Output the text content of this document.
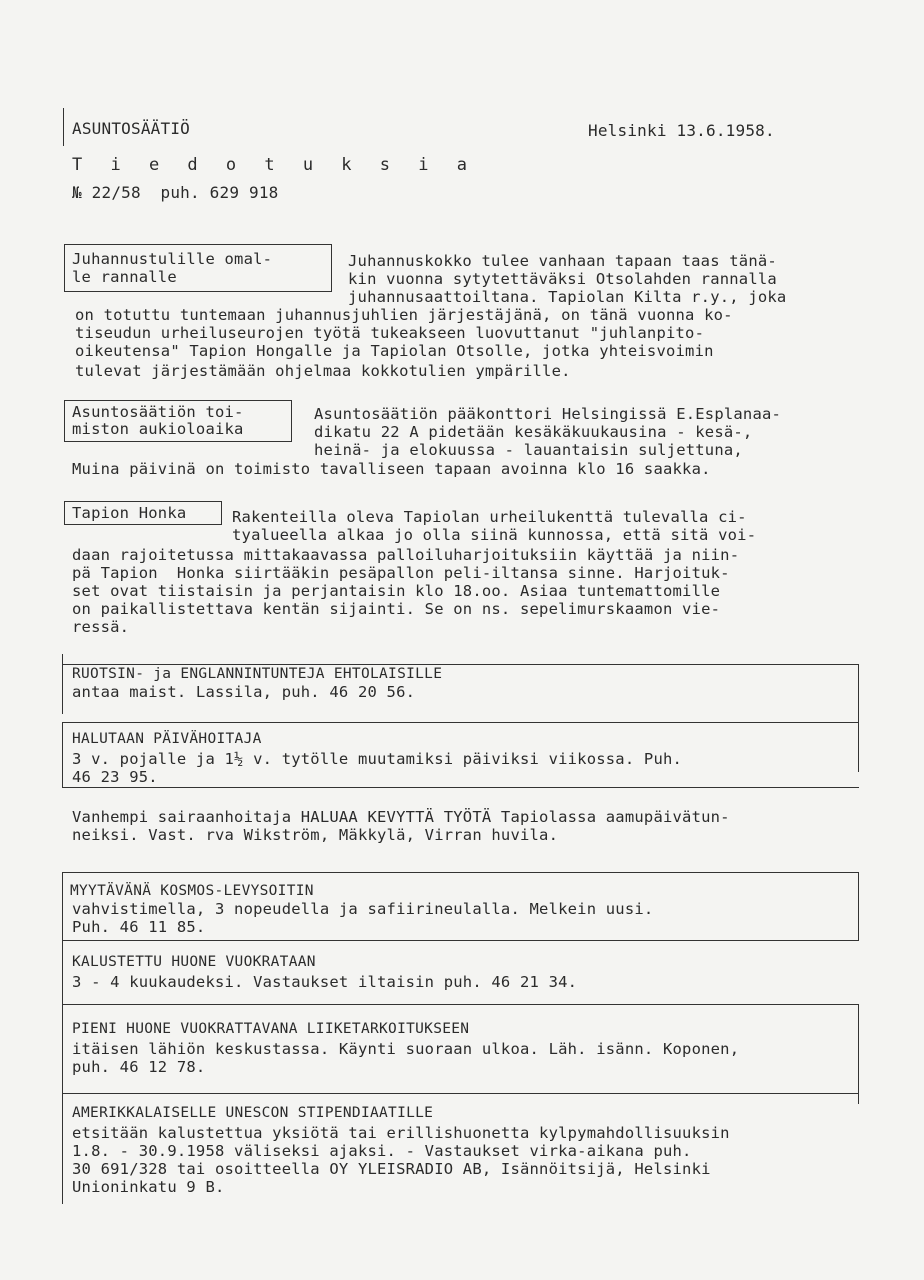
ASUNTOSÄÄTIÖ	Helsinki 13.6.1958.
T i e d o t u k s i a
№ 22/58  puh. 629 918
Juhannustulille omal-
le rannalle
Juhannuskokko tulee vanhaan tapaan taas tänä-
kin vuonna sytytettäväksi Otsolahden rannalla
juhannusaattoiltana. Tapiolan Kilta r.y., joka
on totuttu tuntemaan juhannusjuhlien järjestäjänä, on tänä vuonna ko-
tiseudun urheiluseurojen työtä tukeakseen luovuttanut "juhlanpito-
oikeutensa" Tapion Hongalle ja Tapiolan Otsolle, jotka yhteisvoimin
tulevat järjestämään ohjelmaa kokkotulien ympärille.
Asuntosäätiön toi-
miston aukioloaika
Asuntosäätiön pääkonttori Helsingissä E.Esplanaa-
dikatu 22 A pidetään kesäkäkuukausina - kesä-,
heinä- ja elokuussa - lauantaisin suljettuna,
Muina päivinä on toimisto tavalliseen tapaan avoinna klo 16 saakka.
Tapion Honka	Rakenteilla oleva Tapiolan urheilukenttä tulevalla ci-
tyalueella alkaa jo olla siinä kunnossa, että sitä voi-
daan rajoitetussa mittakaavassa palloiluharjoituksiin käyttää ja niin-
pä Tapion  Honka siirtääkin pesäpallon peli-iltansa sinne. Harjoituk-
set ovat tiistaisin ja perjantaisin klo 18.oo. Asiaa tuntemattomille
on paikallistettava kentän sijainti. Se on ns. sepelimurskaamon vie-
ressä.
RUOTSIN- ja ENGLANNINTUNTEJA EHTOLAISILLE
antaa maist. Lassila, puh. 46 20 56.
HALUTAAN PÄIVÄHOITAJA
3 v. pojalle ja 1½ v. tytölle muutamiksi päiviksi viikossa. Puh.
46 23 95.
Vanhempi sairaanhoitaja HALUAA KEVYTTÄ TYÖTÄ Tapiolassa aamupäivätun-
neiksi. Vast. rva Wikström, Mäkkylä, Virran huvila.
MYYTÄVÄNÄ KOSMOS-LEVYSOITIN
vahvistimella, 3 nopeudella ja safiirineulalla. Melkein uusi.
Puh. 46 11 85.
KALUSTETTU HUONE VUOKRATAAN
3 - 4 kuukaudeksi. Vastaukset iltaisin puh. 46 21 34.
PIENI HUONE VUOKRATTAVANA LIIKETARKOITUKSEEN
itäisen lähiön keskustassa. Käynti suoraan ulkoa. Läh. isänn. Koponen,
puh. 46 12 78.
AMERIKKALAISELLE UNESCON STIPENDIAATILLE
etsitään kalustettua yksiötä tai erillishuonetta kylpymahdollisuuksin
1.8. - 30.9.1958 väliseksi ajaksi. - Vastaukset virka-aikana puh.
30 691/328 tai osoitteella OY YLEISRADIO AB, Isännöitsijä, Helsinki
Unioninkatu 9 B.
